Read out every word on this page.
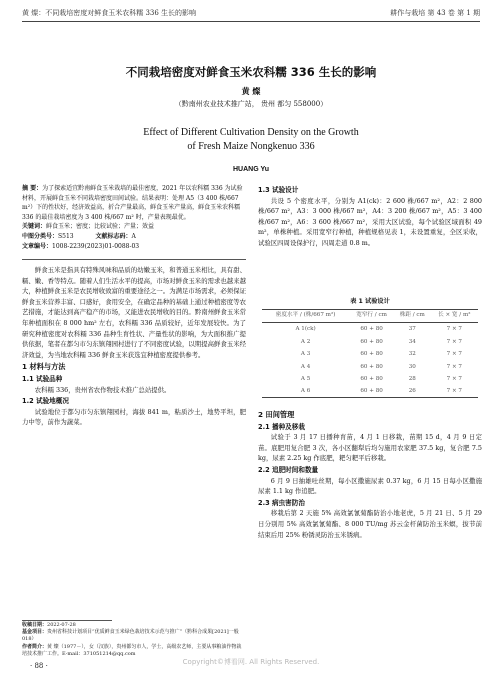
黄 燦：不同栽培密度对鲜食玉米农科糯 336 生长的影响	耕作与栽培 第 43 卷 第 1 期
不同栽培密度对鲜食玉米农科糯 336 生长的影响
黄 燦
（黔南州农业技术推广站， 贵州 都匀 558000）
Effect of Different Cultivation Density on the Growth
of Fresh Maize Nongkenuo 336
HUANG Yu

摘 要：为了探索适宜黔南鲜食玉米栽培的最佳密度，2021 年以农科糯 336 为试验材料，开展鲜食玉米不同栽培密度田间试验。结果表明：处理 A5（3 400 株/667 m²）下的性状好，经济效益高，折合产量最高，鲜食玉米产量高，鲜食玉米农科糯 336 的最佳栽培密度为 3 400 株/667 m² 时，产量表现最优。

关键词：鲜食玉米；密度；比较试验；产量；效益

中图分类号：S513	文献标志码：A

文章编号：1008-2239(2023)01-0088-03

鲜食玉米是指具有特殊风味和品质的幼嫩玉米，和普通玉米相比，具有甜、糯、嫩、香等特点。随着人们生活水平的提高，市场对鲜食玉米的需求也越来越大，种植鲜食玉米是农民增收致富的重要途径之一。为满足市场需求，必须保证鲜食玉米营养丰富、口感好，食用安全，在确定品种的基础上通过种植密度等农艺措施，才能达到高产稳产的市场，又能进农民增收的目的。黔南州鲜食玉米常年种植面积在 8 000 hm² 左右，农科糯 336 品质较好，近年发展较快。为了研究种植密度对农科糯 336 品种生育性状、产量性状的影响，为大面积推广提供依据，笔者在都匀市匀东镇翔园村进行了不同密度试验，以期提高鲜食玉米经济效益，为当地农科糯 336 鲜食玉米获选宜种植密度提供参考。

1 材料与方法
1.1 试验品种

农科糯 336，贵州省农作物技术推广总站提供。

1.2 试验地概况

试验地位于都匀市匀东镇翔园村，海拔 841 m，粘质沙土，地势平坦，肥力中等，前作为蔬菜。

收稿日期：2022-07-28
基金项目：贵州省科技计划项目“优质鲜食玉米绿色栽培技术示范与推广”（黔科合成果[2021]一般 018）
作者简介：黄 燦（1977－），女（汉族），贵州都匀市人，学士，高级农艺师，主要从事粮油作物栽培技术推广工作。E-mail：371051214@qq.com
· 88 ·
1.3 试验设计

共设 5 个密度水平，分别为 A1(ck)：2 600 株/667 m²，A2：2 800 株/667 m²，A3：3 000 株/667 m²，A4：3 200 株/667 m²，A5：3 400 株/667 m²，A6：3 600 株/667 m²，采用大区试验，每个试验区域面积 49 m²，单株种植。采用宽窄行种植，种植规格见表 1，未设置重复，全区采收，试验区四周设保护行，四周走道 0.8 m。

表 1 试验设计
密度水平 / (株/667 m²)	宽窄行 / cm	株距 / cm	长 × 宽 / m²
A 1(ck)	60 + 80	37	7 × 7
A 2	60 + 80	34	7 × 7
A 3	60 + 80	32	7 × 7
A 4	60 + 80	30	7 × 7
A 5	60 + 80	28	7 × 7
A 6	60 + 80	26	7 × 7
2 田间管理
2.1 播种及移栽

试验于 3 月 17 日播种育苗，4 月 1 日移栽，苗期 15 d，4 月 9 日定苗。底肥用复合肥 3 次，各小区翻犁后均匀施用农家肥 37.5 kg，复合肥 7.5 kg，尿素 2.25 kg 作底肥，耙匀耙平后移栽。

2.2 追肥时间和数量

6 月 9 日抽雄吐丝期，每小区撒施尿素 0.37 kg，6 月 15 日每小区撒施尿素 1.1 kg 作追肥。

2.3 病虫害防治

移栽后第 2 天施 5% 高效氯氰菊酯防治小地老虎，5 月 21 日、5 月 29 日分别用 5% 高效氯氰菊酯、8 000 TU/mg 苏云金杆菌防治玉米螟，拔节前结束后用 25% 粉锈灵防治玉米锈病。

Copyright©博看网. All Rights Reserved.
